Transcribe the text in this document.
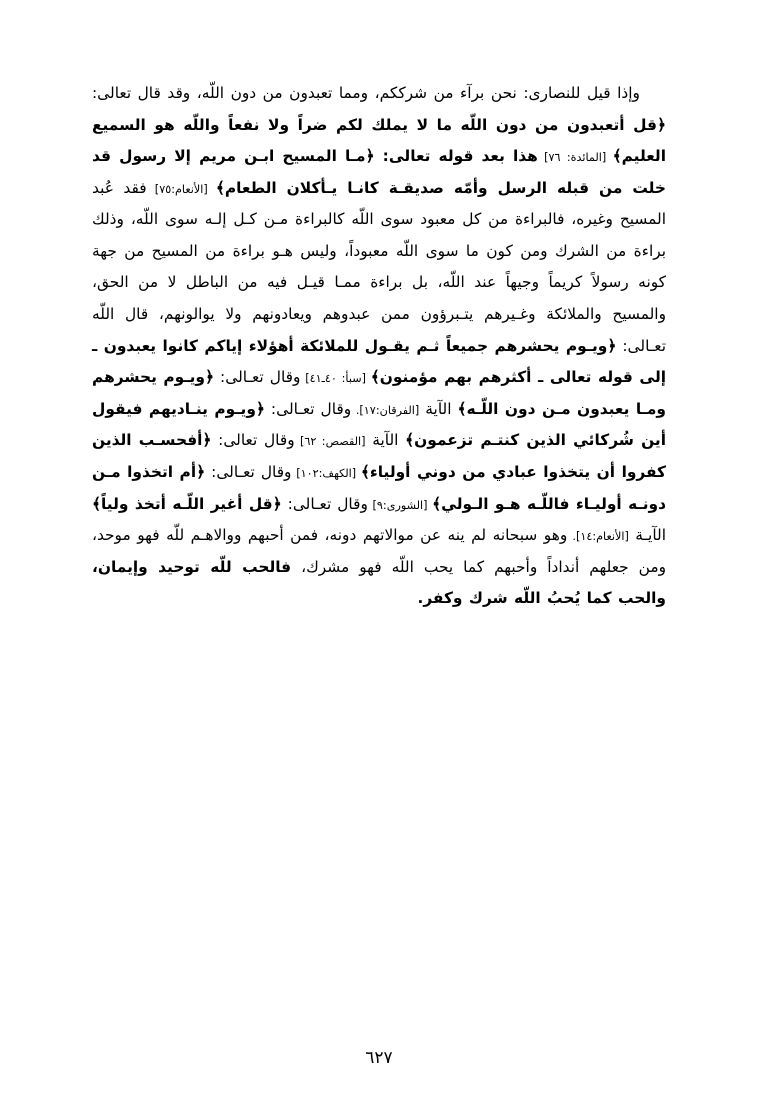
وإذا قيل للنصارى: نحن برآء من شرككم، ومما تعبدون من دون اللّه، وقد قال تعالى: ﴿قل أتعبدون من دون اللّه ما لا يملك لكم ضراً ولا نفعاً واللّه هو السميع العليم﴾ [المائدة: ٧٦] هذا بعد قوله تعالى: ﴿مـا المسيح ابـن مريم إلا رسول قد خلت من قبله الرسل وأمّه صديقـة كانـا يـأكلان الطعام﴾ [الأنعام:٧٥] فقد عُبد المسيح وغيره، فالبراءة من كل معبود سوى اللّه كالبراءة مـن كـل إلـه سوى اللّه، وذلك براءة من الشرك ومن كون ما سوى اللّه معبوداً، وليس هـو براءة من المسيح من جهة كونه رسولاً كريماً وجيهاً عند اللّه، بل براءة ممـا قيـل فيه من الباطل لا من الحق، والمسيح والملائكة وغـيرهم يتـبرؤون ممن عبدوهم ويعادونهم ولا يوالونهم، قال اللّه تعـالى: ﴿ويـوم يحشرهم جميعاً ثـم يقـول للملائكة أهؤلاء إياكم كانوا يعبدون ـ إلى قوله تعالى ـ أكثرهم بهم مؤمنون﴾ [سبأ: ٤٠ـ٤١] وقال تعـالى: ﴿ويـوم يحشرهم ومـا يعبدون مـن دون اللّـه﴾ الآية [الفرقان:١٧]. وقال تعـالى: ﴿ويـوم ينـاديهم فيقول أين شُركائي الذين كنتـم تزعمون﴾ الآية [القصص: ٦٢] وقال تعالى: ﴿أفحسـب الذين كفروا أن يتخذوا عبادي من دوني أولياء﴾ [الكهف:١٠٢] وقال تعـالى: ﴿أم اتخذوا مـن دونـه أوليـاء فاللّـه هـو الـولي﴾ [الشورى:٩] وقال تعـالى: ﴿قل أغير اللّـه أتخذ ولياً﴾ الآيـة [الأنعام:١٤]. وهو سبحانه لم ينه عن موالاتهم دونه، فمن أحبهم ووالاهـم للّه فهو موحد، ومن جعلهم أنداداً وأحبهم كما يحب اللّه فهو مشرك، فالحب للّه توحيد وإيمان، والحب كما يُحبُ اللّه شرك وكفر.

٦٢٧
